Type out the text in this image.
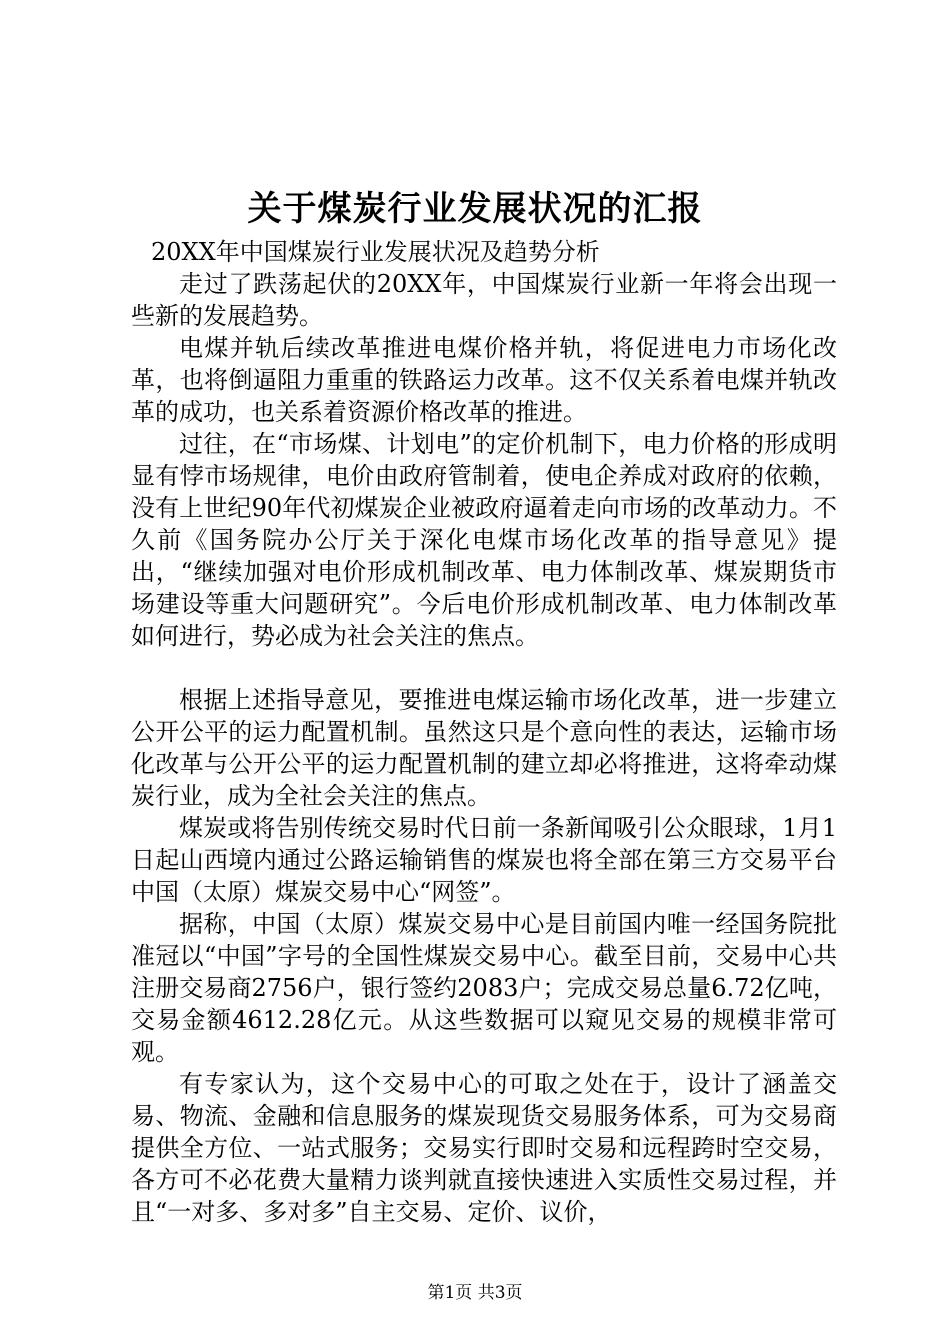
关于煤炭行业发展状况的汇报

20XX年中国煤炭行业发展状况及趋势分析

走过了跌荡起伏的20XX年，中国煤炭行业新一年将会出现一些新的发展趋势。

电煤并轨后续改革推进电煤价格并轨，将促进电力市场化改革，也将倒逼阻力重重的铁路运力改革。这不仅关系着电煤并轨改革的成功，也关系着资源价格改革的推进。

过往，在“市场煤、计划电”的定价机制下，电力价格的形成明显有悖市场规律，电价由政府管制着，使电企养成对政府的依赖，没有上世纪90年代初煤炭企业被政府逼着走向市场的改革动力。不久前《国务院办公厅关于深化电煤市场化改革的指导意见》提出，“继续加强对电价形成机制改革、电力体制改革、煤炭期货市场建设等重大问题研究”。今后电价形成机制改革、电力体制改革如何进行，势必成为社会关注的焦点。

根据上述指导意见，要推进电煤运输市场化改革，进一步建立公开公平的运力配置机制。虽然这只是个意向性的表达，运输市场化改革与公开公平的运力配置机制的建立却必将推进，这将牵动煤炭行业，成为全社会关注的焦点。

煤炭或将告别传统交易时代日前一条新闻吸引公众眼球，1月1日起山西境内通过公路运输销售的煤炭也将全部在第三方交易平台中国（太原）煤炭交易中心“网签”。

据称，中国（太原）煤炭交易中心是目前国内唯一经国务院批准冠以“中国”字号的全国性煤炭交易中心。截至目前，交易中心共注册交易商2756户，银行签约2083户；完成交易总量6.72亿吨，交易金额4612.28亿元。从这些数据可以窥见交易的规模非常可观。

有专家认为，这个交易中心的可取之处在于，设计了涵盖交易、物流、金融和信息服务的煤炭现货交易服务体系，可为交易商提供全方位、一站式服务；交易实行即时交易和远程跨时空交易，各方可不必花费大量精力谈判就直接快速进入实质性交易过程，并且“一对多、多对多”自主交易、定价、议价，

第1页 共3页
